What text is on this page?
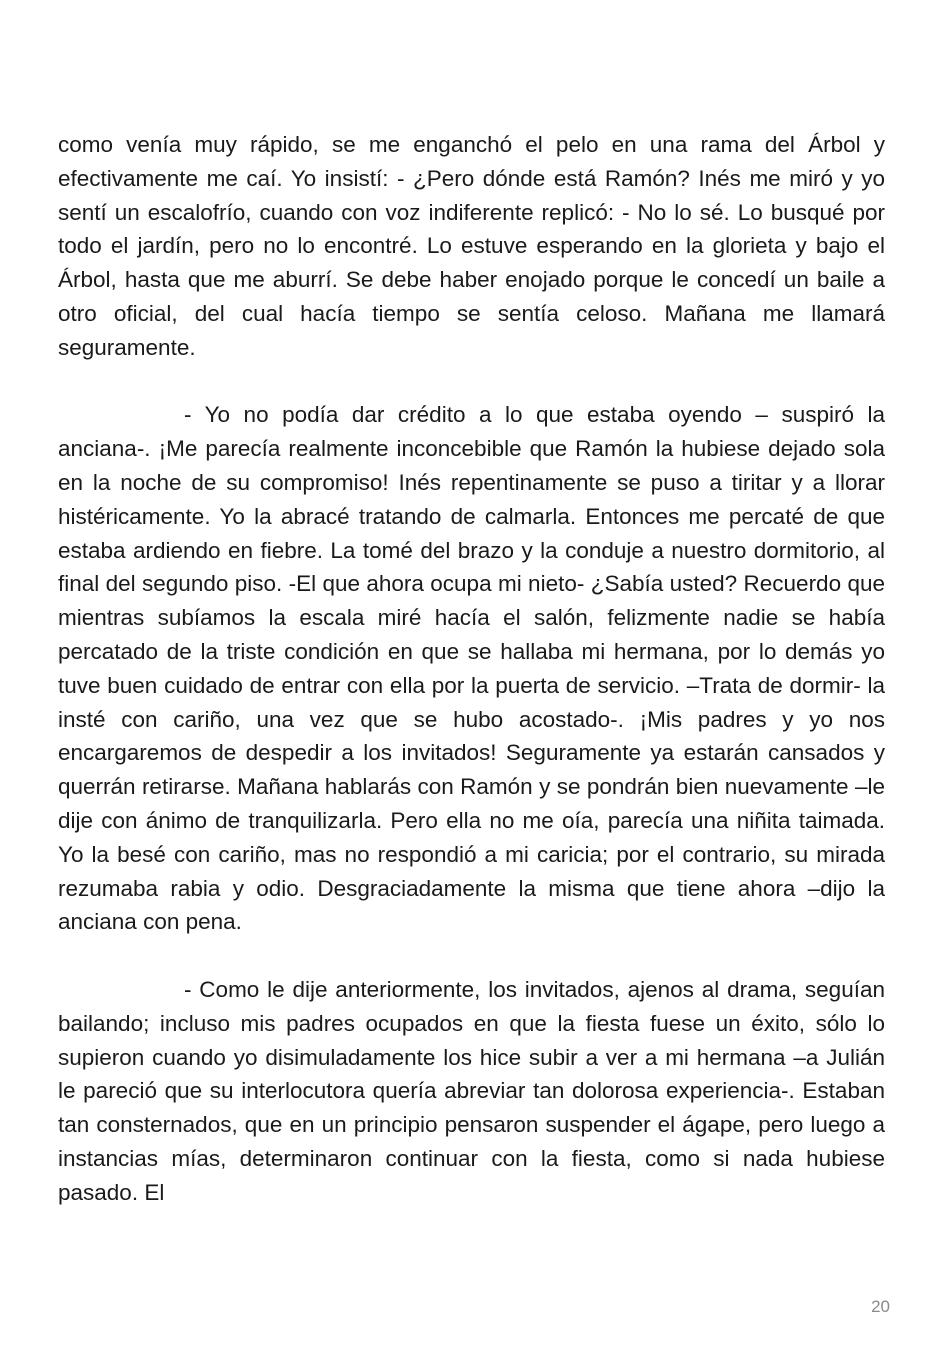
como venía muy rápido, se me enganchó el pelo en una rama del Árbol y efectivamente me caí. Yo insistí: - ¿Pero dónde está Ramón? Inés me miró y yo sentí un escalofrío, cuando con voz indiferente replicó: - No lo sé. Lo busqué por todo el jardín, pero no lo encontré. Lo estuve esperando en la glorieta y bajo el Árbol, hasta que me aburrí. Se debe haber enojado porque le concedí un baile a otro oficial, del cual hacía tiempo se sentía celoso. Mañana me llamará seguramente.

- Yo no podía dar crédito a lo que estaba oyendo – suspiró la anciana-. ¡Me parecía realmente inconcebible que Ramón la hubiese dejado sola en la noche de su compromiso! Inés repentinamente se puso a tiritar y a llorar histéricamente. Yo la abracé tratando de calmarla. Entonces me percaté de que estaba ardiendo en fiebre. La tomé del brazo y la conduje a nuestro dormitorio, al final del segundo piso. -El que ahora ocupa mi nieto- ¿Sabía usted? Recuerdo que mientras subíamos la escala miré hacía el salón, felizmente nadie se había percatado de la triste condición en que se hallaba mi hermana, por lo demás yo tuve buen cuidado de entrar con ella por la puerta de servicio. –Trata de dormir- la insté con cariño, una vez que se hubo acostado-. ¡Mis padres y yo nos encargaremos de despedir a los invitados! Seguramente ya estarán cansados y querrán retirarse. Mañana hablarás con Ramón y se pondrán bien nuevamente –le dije con ánimo de tranquilizarla. Pero ella no me oía, parecía una niñita taimada. Yo la besé con cariño, mas no respondió a mi caricia; por el contrario, su mirada rezumaba rabia y odio. Desgraciadamente la misma que tiene ahora –dijo la anciana con pena.

- Como le dije anteriormente, los invitados, ajenos al drama, seguían bailando; incluso mis padres ocupados en que la fiesta fuese un éxito, sólo lo supieron cuando yo disimuladamente los hice subir a ver a mi hermana –a Julián le pareció que su interlocutora quería abreviar tan dolorosa experiencia-. Estaban tan consternados, que en un principio pensaron suspender el ágape, pero luego a instancias mías, determinaron continuar con la fiesta, como si nada hubiese pasado. El

20
